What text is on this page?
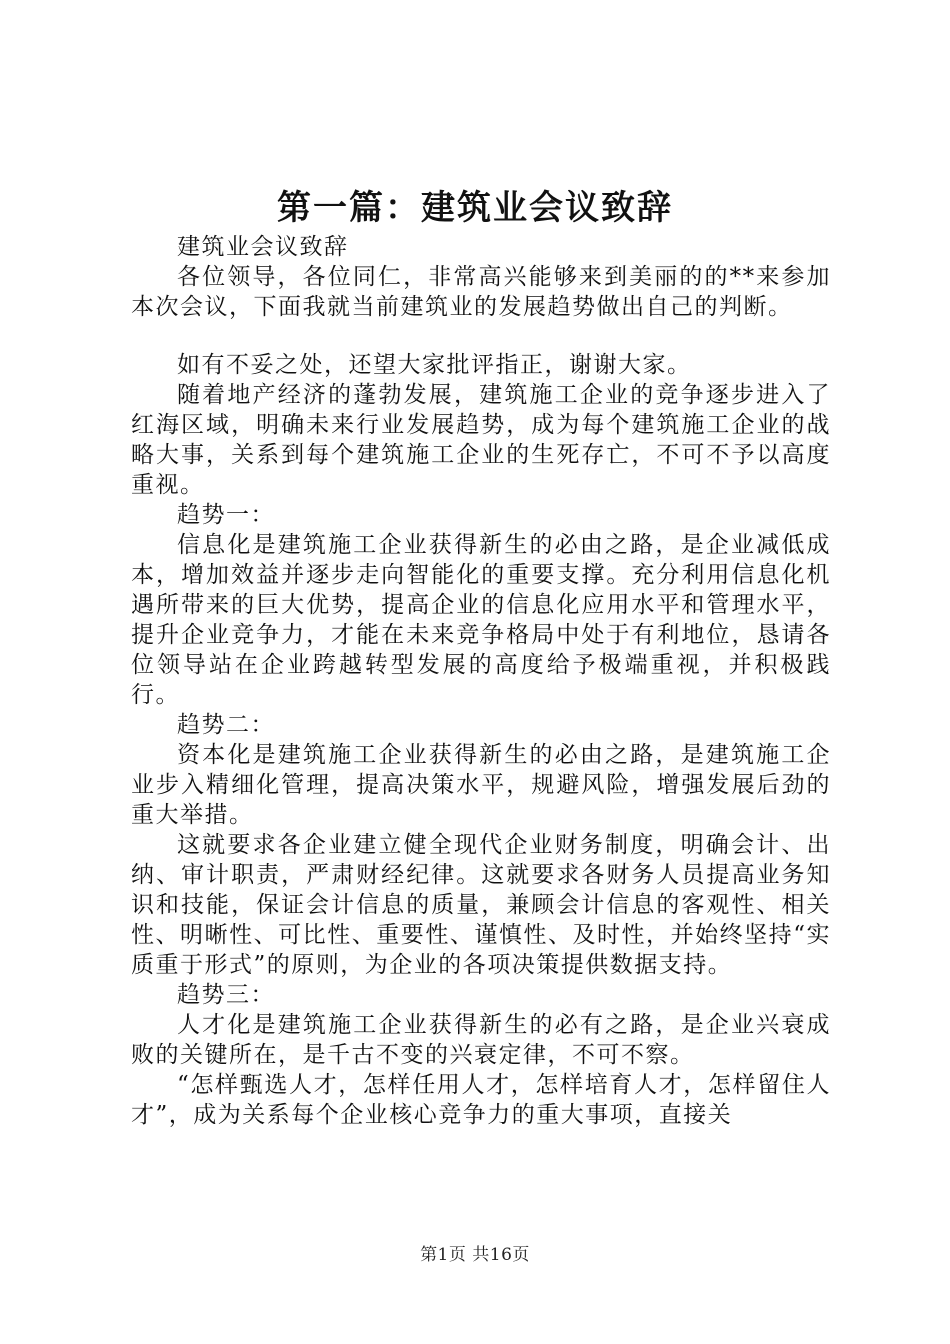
第一篇：建筑业会议致辞

建筑业会议致辞

各位领导，各位同仁，非常高兴能够来到美丽的的**来参加本次会议，下面我就当前建筑业的发展趋势做出自己的判断。

如有不妥之处，还望大家批评指正，谢谢大家。

随着地产经济的蓬勃发展，建筑施工企业的竞争逐步进入了红海区域，明确未来行业发展趋势，成为每个建筑施工企业的战略大事，关系到每个建筑施工企业的生死存亡，不可不予以高度重视。

趋势一：

信息化是建筑施工企业获得新生的必由之路，是企业减低成本，增加效益并逐步走向智能化的重要支撑。充分利用信息化机遇所带来的巨大优势，提高企业的信息化应用水平和管理水平，提升企业竞争力，才能在未来竞争格局中处于有利地位，恳请各位领导站在企业跨越转型发展的高度给予极端重视，并积极践行。

趋势二：

资本化是建筑施工企业获得新生的必由之路，是建筑施工企业步入精细化管理，提高决策水平，规避风险，增强发展后劲的重大举措。

这就要求各企业建立健全现代企业财务制度，明确会计、出纳、审计职责，严肃财经纪律。这就要求各财务人员提高业务知识和技能，保证会计信息的质量，兼顾会计信息的客观性、相关性、明晰性、可比性、重要性、谨慎性、及时性，并始终坚持“实质重于形式”的原则，为企业的各项决策提供数据支持。

趋势三：

人才化是建筑施工企业获得新生的必有之路，是企业兴衰成败的关键所在，是千古不变的兴衰定律，不可不察。

“怎样甄选人才，怎样任用人才，怎样培育人才，怎样留住人才”，成为关系每个企业核心竞争力的重大事项，直接关

第1页 共16页
